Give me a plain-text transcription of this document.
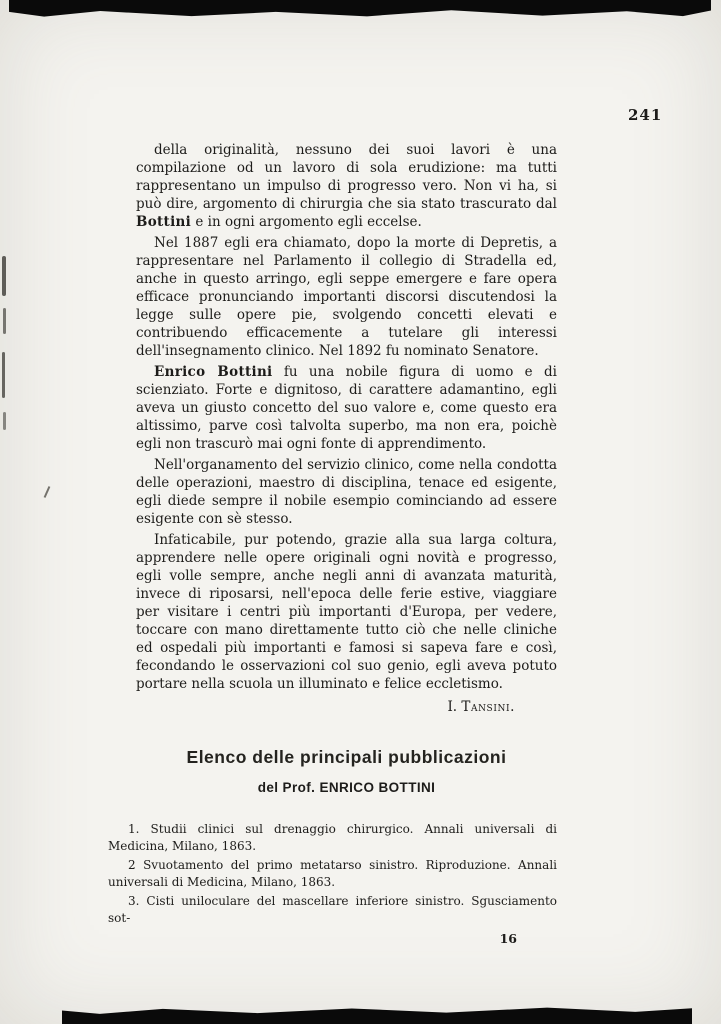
241

della originalità, nessuno dei suoi lavori è una compilazione od un lavoro di sola erudizione: ma tutti rappresentano un impulso di progresso vero. Non vi ha, si può dire, argomento di chirurgia che sia stato trascurato dal Bottini e in ogni argomento egli eccelse.

Nel 1887 egli era chiamato, dopo la morte di Depretis, a rappresentare nel Parlamento il collegio di Stradella ed, anche in questo arringo, egli seppe emergere e fare opera efficace pronunciando importanti discorsi discutendosi la legge sulle opere pie, svolgendo concetti elevati e contribuendo efficacemente a tutelare gli interessi dell'insegnamento clinico. Nel 1892 fu nominato Senatore.

Enrico Bottini fu una nobile figura di uomo e di scienziato. Forte e dignitoso, di carattere adamantino, egli aveva un giusto concetto del suo valore e, come questo era altissimo, parve così talvolta superbo, ma non era, poichè egli non trascurò mai ogni fonte di apprendimento.

Nell'organamento del servizio clinico, come nella condotta delle operazioni, maestro di disciplina, tenace ed esigente, egli diede sempre il nobile esempio cominciando ad essere esigente con sè stesso.

Infaticabile, pur potendo, grazie alla sua larga coltura, apprendere nelle opere originali ogni novità e progresso, egli volle sempre, anche negli anni di avanzata maturità, invece di riposarsi, nell'epoca delle ferie estive, viaggiare per visitare i centri più importanti d'Europa, per vedere, toccare con mano direttamente tutto ciò che nelle cliniche ed ospedali più importanti e famosi si sapeva fare e così, fecondando le osservazioni col suo genio, egli aveva potuto portare nella scuola un illuminato e felice eccletismo.

I. Tansini.
Elenco delle principali pubblicazioni
del Prof. ENRICO BOTTINI

1. Studii clinici sul drenaggio chirurgico. Annali universali di Medicina, Milano, 1863.

2 Svuotamento del primo metatarso sinistro. Riproduzione. Annali universali di Medicina, Milano, 1863.

3. Cisti uniloculare del mascellare inferiore sinistro. Sgusciamento sot-

16
